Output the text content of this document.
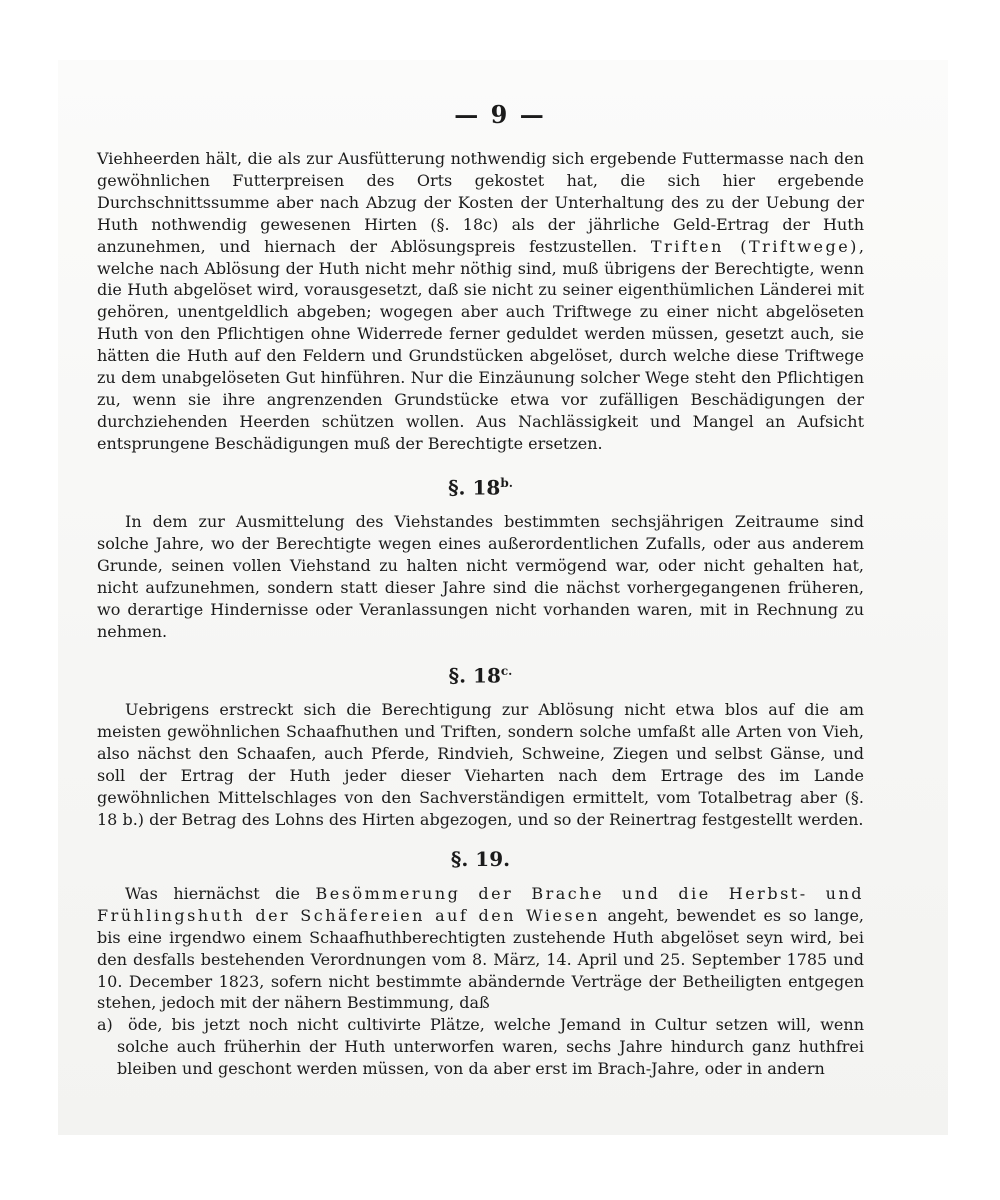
— 9 —

Viehheerden hält, die als zur Ausfütterung nothwendig sich ergebende Futtermasse nach den gewöhnlichen Futterpreisen des Orts gekostet hat, die sich hier ergebende Durchschnittssumme aber nach Abzug der Kosten der Unterhaltung des zu der Uebung der Huth nothwendig gewesenen Hirten (§. 18c) als der jährliche Geld-Ertrag der Huth anzunehmen, und hiernach der Ablösungspreis festzustellen. Triften (Triftwege), welche nach Ablösung der Huth nicht mehr nöthig sind, muß übrigens der Berechtigte, wenn die Huth abgelöset wird, vorausgesetzt, daß sie nicht zu seiner eigenthümlichen Länderei mit gehören, unentgeldlich abgeben; wogegen aber auch Triftwege zu einer nicht abgelöseten Huth von den Pflichtigen ohne Widerrede ferner geduldet werden müssen, gesetzt auch, sie hätten die Huth auf den Feldern und Grundstücken abgelöset, durch welche diese Triftwege zu dem unabgelöseten Gut hinführen. Nur die Einzäunung solcher Wege steht den Pflichtigen zu, wenn sie ihre angrenzenden Grundstücke etwa vor zufälligen Beschädigungen der durchziehenden Heerden schützen wollen. Aus Nachlässigkeit und Mangel an Aufsicht entsprungene Beschädigungen muß der Berechtigte ersetzen.

§. $18^{b.}$

In dem zur Ausmittelung des Viehstandes bestimmten sechsjährigen Zeitraume sind solche Jahre, wo der Berechtigte wegen eines außerordentlichen Zufalls, oder aus anderem Grunde, seinen vollen Viehstand zu halten nicht vermögend war, oder nicht gehalten hat, nicht aufzunehmen, sondern statt dieser Jahre sind die nächst vorhergegangenen früheren, wo derartige Hindernisse oder Veranlassungen nicht vorhanden waren, mit in Rechnung zu nehmen.

§. $18^{c.}$

Uebrigens erstreckt sich die Berechtigung zur Ablösung nicht etwa blos auf die am meisten gewöhnlichen Schaafhuthen und Triften, sondern solche umfaßt alle Arten von Vieh, also nächst den Schaafen, auch Pferde, Rindvieh, Schweine, Ziegen und selbst Gänse, und soll der Ertrag der Huth jeder dieser Vieharten nach dem Ertrage des im Lande gewöhnlichen Mittelschlages von den Sachverständigen ermittelt, vom Totalbetrag aber (§. 18 b.) der Betrag des Lohns des Hirten abgezogen, und so der Reinertrag festgestellt werden.

§. 19.

Was hiernächst die Besömmerung der Brache und die Herbst- und Frühlingshuth der Schäfereien auf den Wiesen angeht, bewendet es so lange, bis eine irgendwo einem Schaafhuthberechtigten zustehende Huth abgelöset seyn wird, bei den desfalls bestehenden Verordnungen vom 8. März, 14. April und 25. September 1785 und 10. December 1823, sofern nicht bestimmte abändernde Verträge der Betheiligten entgegen stehen, jedoch mit der nähern Bestimmung, daß

a) öde, bis jetzt noch nicht cultivirte Plätze, welche Jemand in Cultur setzen will, wenn solche auch früherhin der Huth unterworfen waren, sechs Jahre hindurch ganz huthfrei bleiben und geschont werden müssen, von da aber erst im Brach-Jahre, oder in andern
